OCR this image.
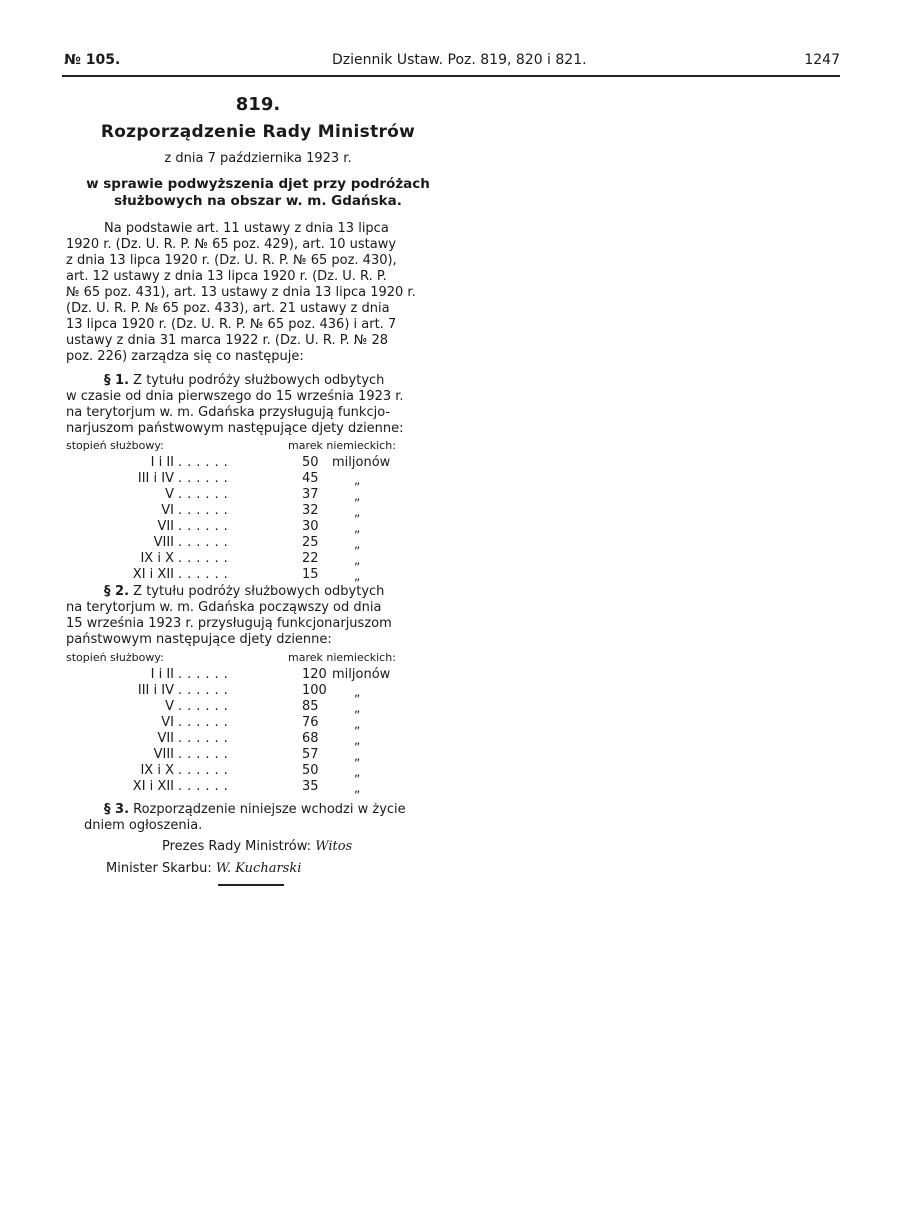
№ 105.	Dziennik Ustaw. Poz. 819, 820 i 821.	1247
819.
Rozporządzenie Rady Ministrów
z dnia 7 października 1923 r.
w sprawie podwyższenia djet przy podróżach
służbowych na obszar w. m. Gdańska.
Na podstawie art. 11 ustawy z dnia 13 lipca
1920 r. (Dz. U. R. P. № 65 poz. 429), art. 10 ustawy
z dnia 13 lipca 1920 r. (Dz. U. R. P. № 65 poz. 430),
art. 12 ustawy z dnia 13 lipca 1920 r. (Dz. U. R. P.
№ 65 poz. 431), art. 13 ustawy z dnia 13 lipca 1920 r.
(Dz. U. R. P. № 65 poz. 433), art. 21 ustawy z dnia
13 lipca 1920 r. (Dz. U. R. P. № 65 poz. 436) i art. 7
ustawy z dnia 31 marca 1922 r. (Dz. U. R. P. № 28
poz. 226) zarządza się co następuje:
§ 1. Z tytułu podróży służbowych odbytych
w czasie od dnia pierwszego do 15 września 1923 r.
na terytorjum w. m. Gdańska przysługują funkcjo-
narjuszom państwowym następujące djety dzienne:
stopień służbowy:	marek niemieckich:
I i II ......	50 miljonów
III i IV ......	45	„
V ......	37	„
VI ......	32	„
VII ......	30	„
VIII ......	25	„
IX i X ......	22	„
XI i XII ......	15	„
§ 2. Z tytułu podróży służbowych odbytych
na terytorjum w. m. Gdańska począwszy od dnia
15 września 1923 r. przysługują funkcjonarjuszom
państwowym następujące djety dzienne:
stopień służbowy:	marek niemieckich:
I i II ......	120 miljonów
III i IV ......	100 „
V ......	85	„
VI ......	76	„
VII ......	68	„
VIII ......	57	„
IX i X ......	50	„
XI i XII ......	35	„
§ 3. Rozporządzenie niniejsze wchodzi w życie
dniem ogłoszenia.
Prezes Rady Ministrów: Witos
Minister Skarbu: W. Kucharski
